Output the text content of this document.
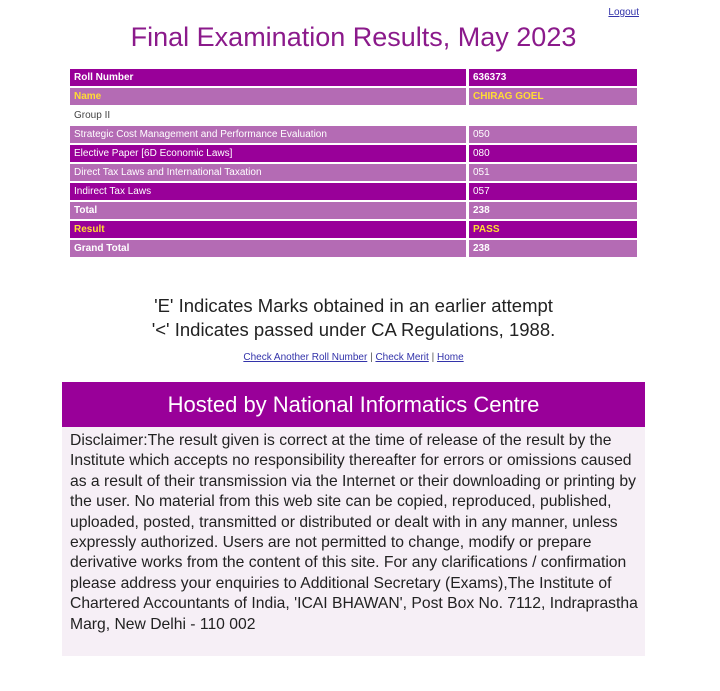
Logout
Final Examination Results, May 2023
Roll Number	636373
Name	CHIRAG GOEL
Group II	
Strategic Cost Management and Performance Evaluation	050
Elective Paper [6D Economic Laws]	080
Direct Tax Laws and International Taxation	051
Indirect Tax Laws	057
Total	238
Result	PASS
Grand Total	238
'E' Indicates Marks obtained in an earlier attempt
'<' Indicates passed under CA Regulations, 1988.
Check Another Roll Number | Check Merit | Home
Hosted by National Informatics Centre
Disclaimer:The result given is correct at the time of release of the result by the Institute which accepts no responsibility thereafter for errors or omissions caused as a result of their transmission via the Internet or their downloading or printing by the user. No material from this web site can be copied, reproduced, published, uploaded, posted, transmitted or distributed or dealt with in any manner, unless expressly authorized. Users are not permitted to change, modify or prepare derivative works from the content of this site. For any clarifications / confirmation please address your enquiries to Additional Secretary (Exams),The Institute of Chartered Accountants of India, 'ICAI BHAWAN', Post Box No. 7112, Indraprastha Marg, New Delhi - 110 002
